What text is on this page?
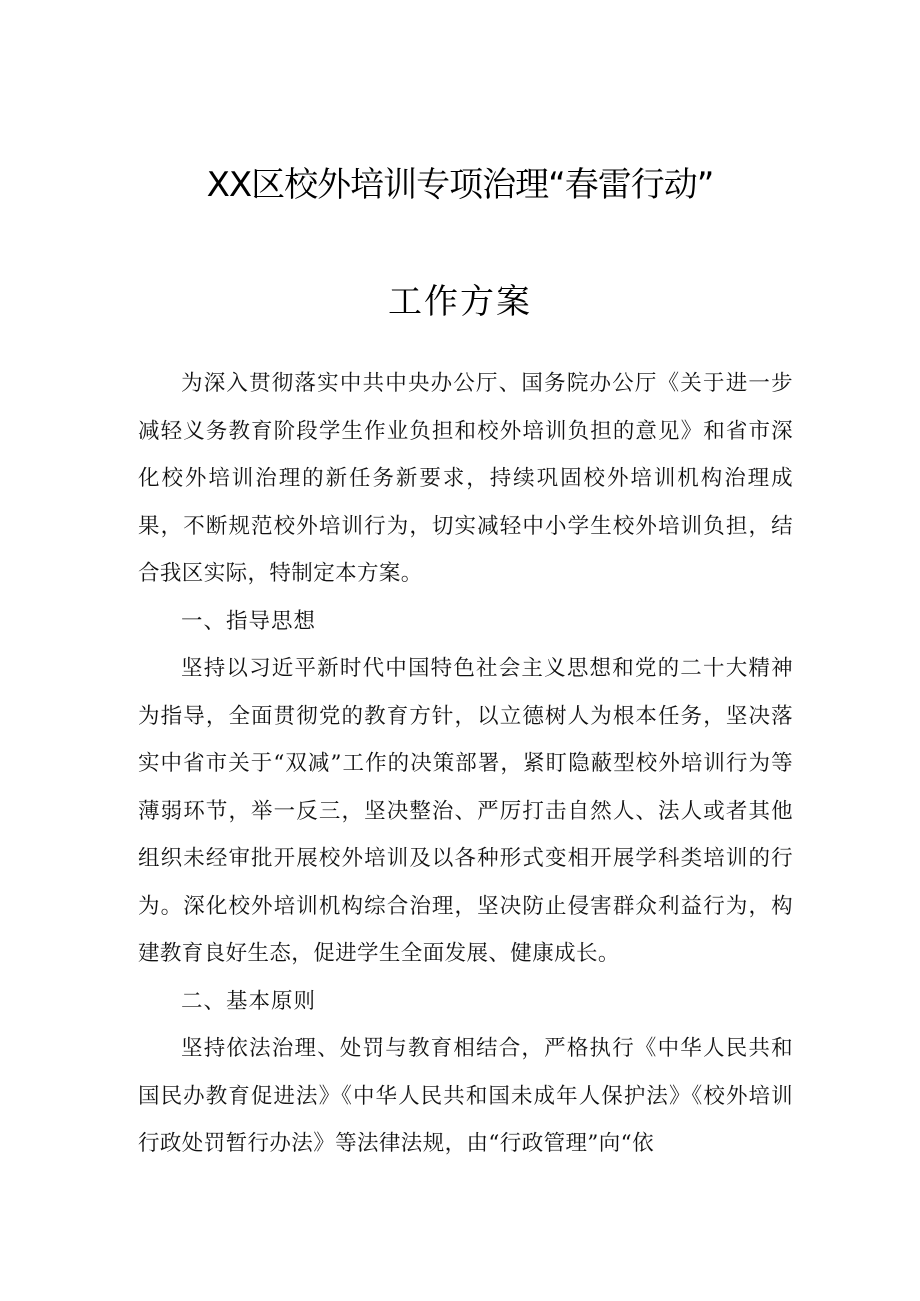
XX区校外培训专项治理“春雷行动”
工作方案

为深入贯彻落实中共中央办公厅、国务院办公厅《关于进一步减轻义务教育阶段学生作业负担和校外培训负担的意见》和省市深化校外培训治理的新任务新要求，持续巩固校外培训机构治理成果，不断规范校外培训行为，切实减轻中小学生校外培训负担，结合我区实际，特制定本方案。

一、指导思想

坚持以习近平新时代中国特色社会主义思想和党的二十大精神为指导，全面贯彻党的教育方针，以立德树人为根本任务，坚决落实中省市关于“双减”工作的决策部署，紧盯隐蔽型校外培训行为等薄弱环节，举一反三，坚决整治、严厉打击自然人、法人或者其他组织未经审批开展校外培训及以各种形式变相开展学科类培训的行为。深化校外培训机构综合治理，坚决防止侵害群众利益行为，构建教育良好生态，促进学生全面发展、健康成长。

二、基本原则

坚持依法治理、处罚与教育相结合，严格执行《中华人民共和国民办教育促进法》《中华人民共和国未成年人保护法》《校外培训行政处罚暂行办法》等法律法规，由“行政管理”向“依
